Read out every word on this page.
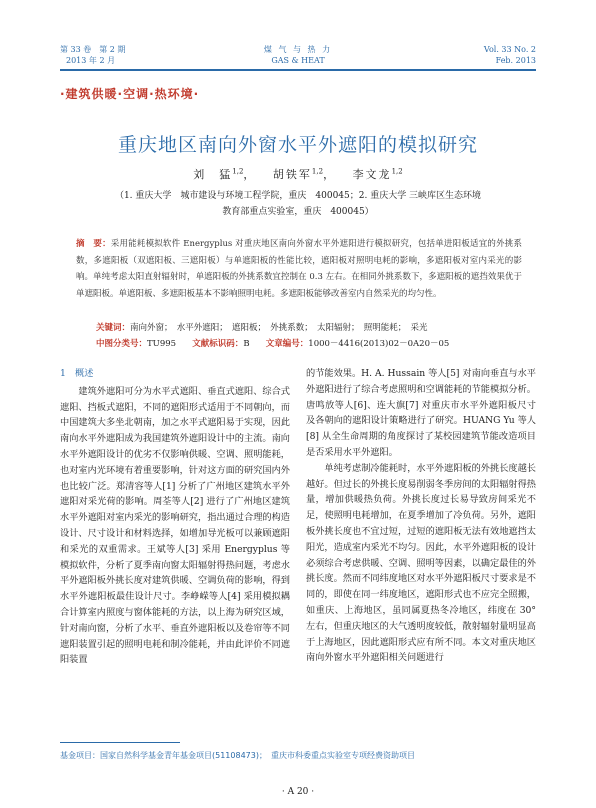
第 33 卷　第 2 期
2013 年 2 月
煤 气 与 热 力
GAS & HEAT
Vol. 33 No. 2
Feb. 2013
·建筑供暖·空调·热环境·
重庆地区南向外窗水平外遮阳的模拟研究
刘　猛$^{1,2}$，   胡铁军$^{1,2}$，   李文龙$^{1,2}$
（1. 重庆大学　城市建设与环境工程学院，重庆　400045；2. 重庆大学 三峡库区生态环境
教育部重点实验室，重庆　400045）
摘　要：采用能耗模拟软件 Energyplus 对重庆地区南向外窗水平外遮阳进行模拟研究，包括单进阳板适宜的外挑系数，多遮阳板（双遮阳板、三遮阳板）与单遮阳板的性能比较，遮阳板对照明电耗的影响，多遮阳板对室内采光的影响。单纯考虑太阳直射辐射时，单遮阳板的外挑系数宜控制在 0.3 左右。在相同外挑系数下，多遮阳板的遮挡效果优于单遮阳板。单遮阳板、多遮阳板基本不影响照明电耗。多遮阳板能够改善室内自然采光的均匀性。
关键词：南向外窗；　水平外遮阳；　遮阳板；　外挑系数；　太阳辐射；　照明能耗；　采光
中图分类号：TU995 文献标识码：B 文章编号：1000－4416(2013)02－0A20－05

1　概述

建筑外遮阳可分为水平式遮阳、垂直式遮阳、综合式遮阳、挡板式遮阳，不同的遮阳形式适用于不同朝向，而中国建筑大多坐北朝南，加之水平式遮阳易于实现，因此南向水平外遮阳成为我国建筑外遮阳设计中的主流。南向水平外遮阳设计的优劣不仅影响供暖、空调、照明能耗，也对室内光环境有着重要影响，针对这方面的研究国内外也比较广泛。郑清容等人[1] 分析了广州地区建筑水平外遮阳对采光荷的影响。周荃等人[2] 进行了广州地区建筑水平外遮阳对室内采光的影响研究，指出通过合理的构造设计、尺寸设计和材料选择，如增加导光板可以兼顾遮阳和采光的双重需求。王斌等人[3] 采用 Energyplus 等模拟软件，分析了夏季南向窗太阳辐射得热问题，考虑水平外遮阳板外挑长度对建筑供暖、空调负荷的影响，得到水平外遮阳板最佳设计尺寸。李峥嵘等人[4] 采用模拟耦合计算室内照度与窗体能耗的方法，以上海为研究区域，针对南向窗，分析了水平、垂直外遮阳板以及卷帘等不同遮阳装置引起的照明电耗和制冷能耗，并由此评价不同遮阳装置

的节能效果。H. A. Hussain 等人[5] 对南向垂直与水平外遮阳进行了综合考虑照明和空调能耗的节能模拟分析。唐鸣放等人[6]、连大旗[7] 对重庆市水平外遮阳板尺寸及各朝向的遮阳设计策略进行了研究。HUANG Yu 等人[8] 从全生命周期的角度探讨了某校园建筑节能改造项目是否采用水平外遮阳。

单纯考虑制冷能耗时，水平外遮阳板的外挑长度越长越好。但过长的外挑长度易削弱冬季房间的太阳辐射得热量，增加供暖热负荷。外挑长度过长易导致房间采光不足，使照明电耗增加，在夏季增加了冷负荷。另外，遮阳板外挑长度也不宜过短，过短的遮阳板无法有效地遮挡太阳光，造成室内采光不均匀。因此，水平外遮阳板的设计必须综合考虑供暖、空调、照明等因素，以确定最佳的外挑长度。然而不同纬度地区对水平外遮阳板尺寸要求是不同的，即使在同一纬度地区，遮阳形式也不应完全照搬，如重庆、上海地区，虽同属夏热冬冷地区，纬度在 30°左右，但重庆地区的大气透明度较低，散射辐射量明显高于上海地区，因此遮阳形式应有所不同。本文对重庆地区南向外窗水平外遮阳相关问题进行

基金项目：国家自然科学基金青年基金项目(51108473)；　重庆市科委重点实验室专项经费资助项目
· A 20 ·
